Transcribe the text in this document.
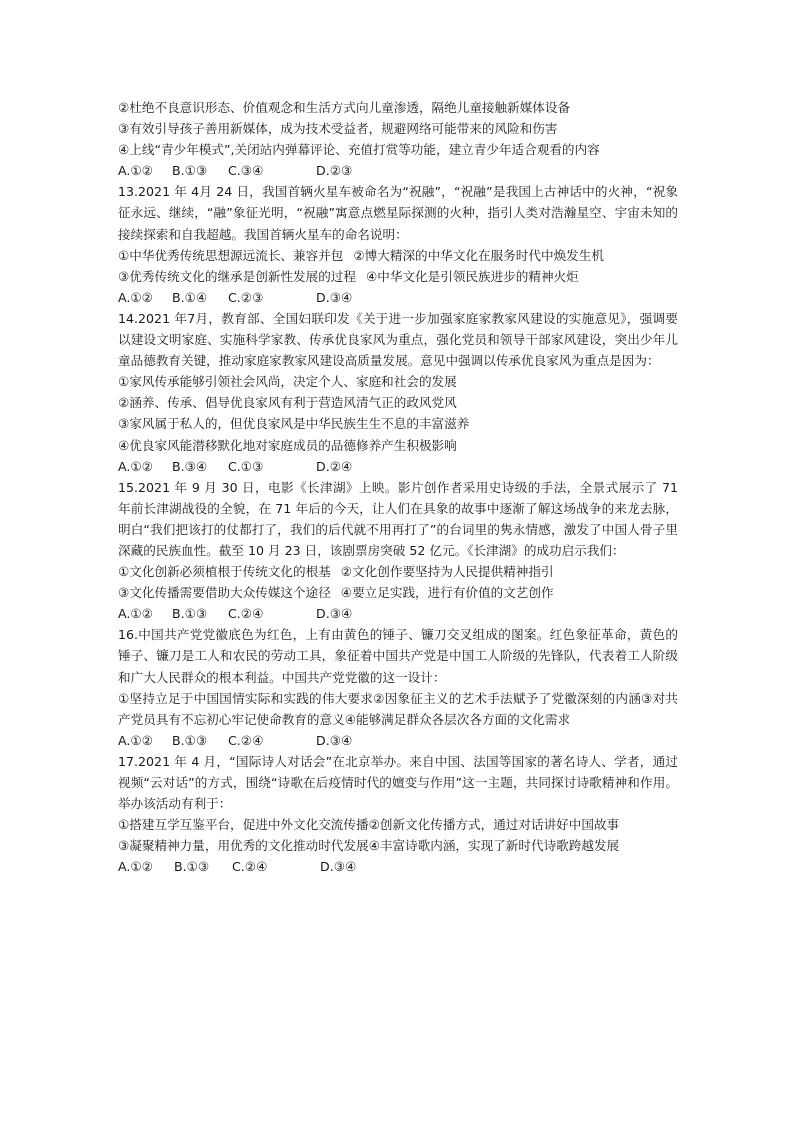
②杜绝不良意识形态、价值观念和生活方式向儿童渗透，隔绝儿童接触新媒体设备
③有效引导孩子善用新媒体，成为技术受益者，规避网络可能带来的风险和伤害
④上线“青少年模式”,关闭站内弹幕评论、充值打赏等功能，建立青少年适合观看的内容
A.①②	B.①③	C.③④	D.②③
13.2021 年 4月 24 日，我国首辆火星车被命名为“祝融”，“祝融”是我国上古神话中的火神，“祝象征永远、继续，“融”象征光明，“祝融”寓意点燃星际探测的火种，指引人类对浩瀚星空、宇宙未知的接续探索和自我超越。我国首辆火星车的命名说明：
①中华优秀传统思想源远流长、兼容并包 ②博大精深的中华文化在服务时代中焕发生机
③优秀传统文化的继承是创新性发展的过程 ④中华文化是引领民族进步的精神火炬
A.①②	B.①④	C.②③	D.③④
14.2021 年7月，教育部、全国妇联印发《关于进一步加强家庭家教家风建设的实施意见》，强调要以建设文明家庭、实施科学家教、传承优良家风为重点，强化党员和领导干部家风建设，突出少年儿童品德教育关键，推动家庭家教家风建设高质量发展。意见中强调以传承优良家风为重点是因为：
①家风传承能够引领社会风尚，决定个人、家庭和社会的发展
②涵养、传承、倡导优良家风有利于营造风清气正的政风党风
③家风属于私人的，但优良家风是中华民族生生不息的丰富滋养
④优良家风能潜移默化地对家庭成员的品德修养产生积极影响
A.①②	B.③④	C.①③	D.②④
15.2021 年 9 月 30 日，电影《长津湖》上映。影片创作者采用史诗级的手法，全景式展示了 71 年前长津湖战役的全貌，在 71 年后的今天，让人们在具象的故事中逐渐了解这场战争的来龙去脉，明白“我们把该打的仗都打了，我们的后代就不用再打了”的台词里的隽永情感，激发了中国人骨子里深藏的民族血性。截至 10 月 23 日，该剧票房突破 52 亿元。《长津湖》的成功启示我们：
①文化创新必须植根于传统文化的根基 ②文化创作要坚持为人民提供精神指引
③文化传播需要借助大众传媒这个途径 ④要立足实践，进行有价值的文艺创作
A.①②	B.①③	C.②④	D.③④
16.中国共产党党徽底色为红色，上有由黄色的锤子、镰刀交叉组成的图案。红色象征革命，黄色的锤子、镰刀是工人和农民的劳动工具，象征着中国共产党是中国工人阶级的先锋队，代表着工人阶级和广大人民群众的根本利益。中国共产党党徽的这一设计：
①坚持立足于中国国情实际和实践的伟大要求②因象征主义的艺术手法赋予了党徽深刻的内涵③对共产党员具有不忘初心牢记使命教育的意义④能够满足群众各层次各方面的文化需求
A.①②	B.①③	C.②④	D.③④
17.2021 年 4 月，“国际诗人对话会”在北京举办。来自中国、法国等国家的著名诗人、学者，通过视频“云对话”的方式，围绕“诗歌在后疫情时代的嬗变与作用”这一主题，共同探讨诗歌精神和作用。举办该活动有利于：
①搭建互学互鉴平台，促进中外文化交流传播②创新文化传播方式，通过对话讲好中国故事
③凝聚精神力量，用优秀的文化推动时代发展④丰富诗歌内涵，实现了新时代诗歌跨越发展
A.①②	B.①③	C.②④	D.③④
